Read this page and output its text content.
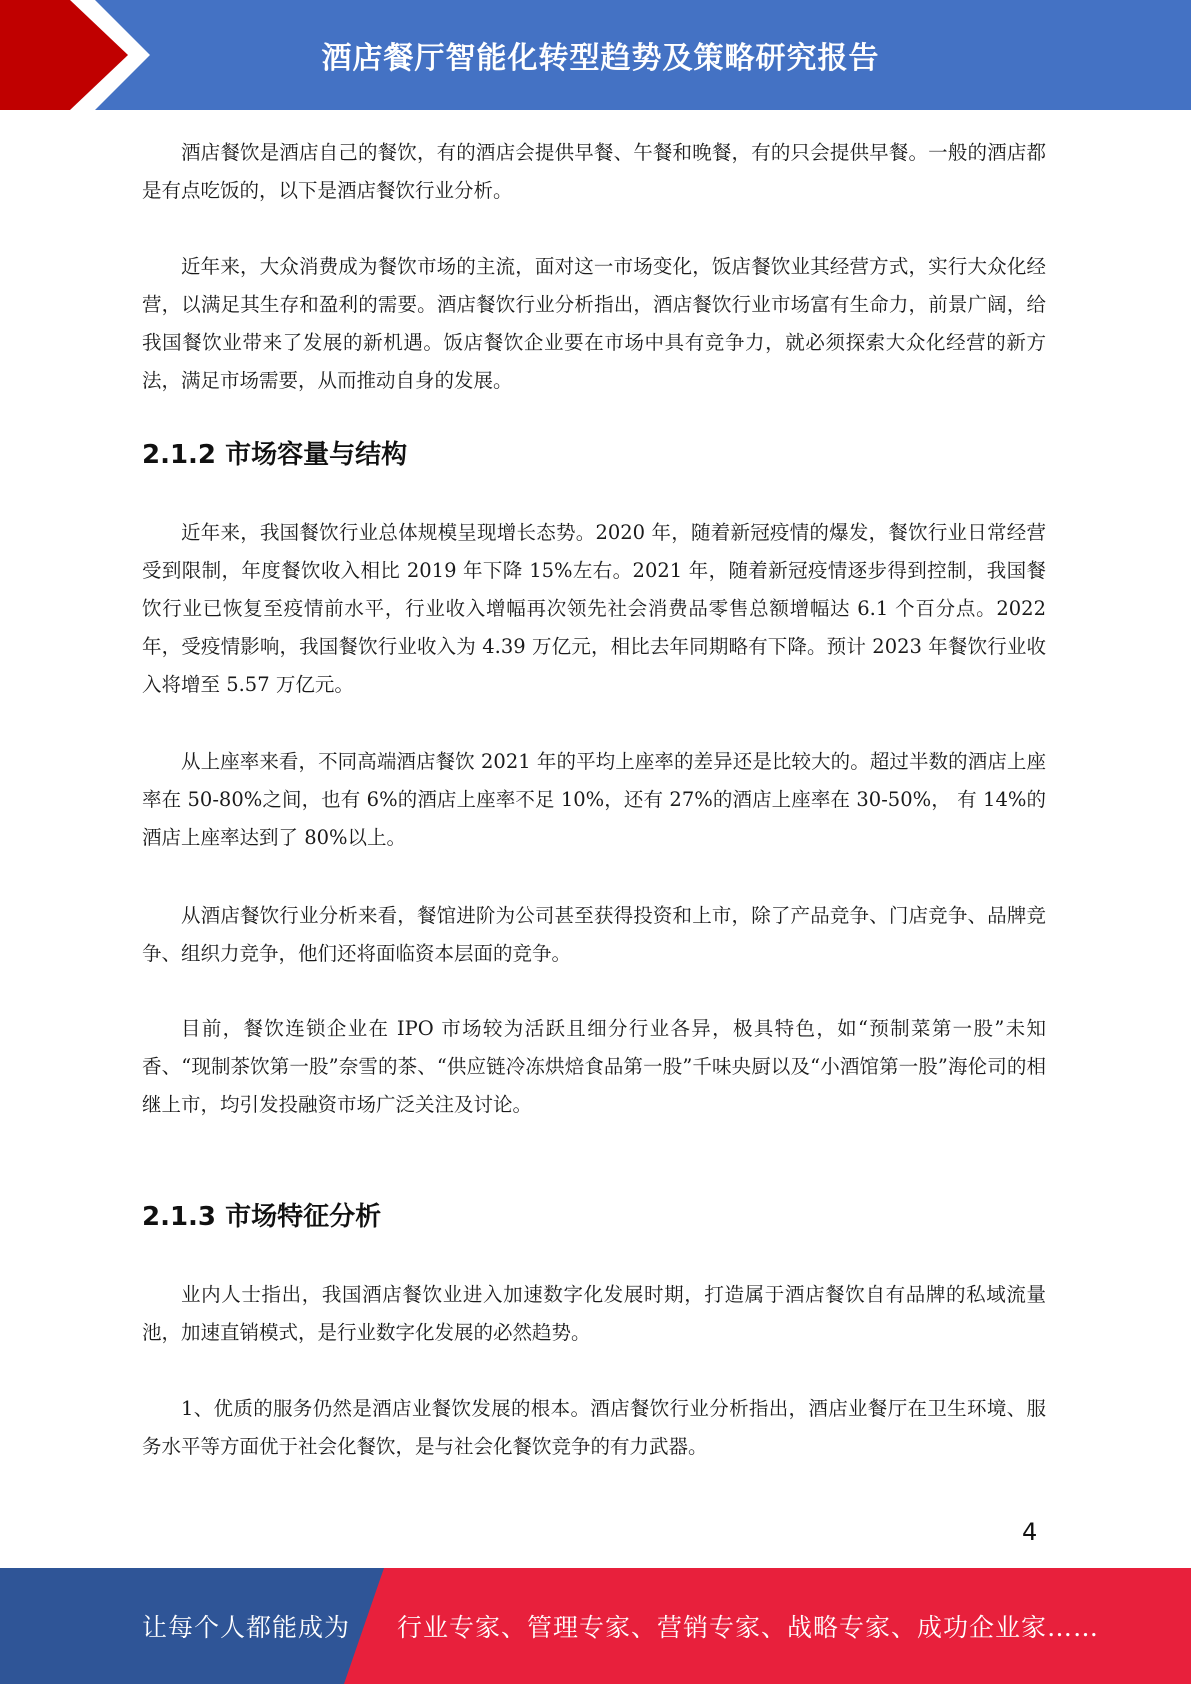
酒店餐厅智能化转型趋势及策略研究报告

酒店餐饮是酒店自己的餐饮，有的酒店会提供早餐、午餐和晚餐，有的只会提供早餐。一般的酒店都是有点吃饭的，以下是酒店餐饮行业分析。

近年来，大众消费成为餐饮市场的主流，面对这一市场变化，饭店餐饮业其经营方式，实行大众化经营，以满足其生存和盈利的需要。酒店餐饮行业分析指出，酒店餐饮行业市场富有生命力，前景广阔，给我国餐饮业带来了发展的新机遇。饭店餐饮企业要在市场中具有竞争力，就必须探索大众化经营的新方法，满足市场需要，从而推动自身的发展。

2.1.2 市场容量与结构

近年来，我国餐饮行业总体规模呈现增长态势。2020 年，随着新冠疫情的爆发，餐饮行业日常经营受到限制，年度餐饮收入相比 2019 年下降 15%左右。2021 年，随着新冠疫情逐步得到控制，我国餐饮行业已恢复至疫情前水平，行业收入增幅再次领先社会消费品零售总额增幅达 6.1 个百分点。2022 年，受疫情影响，我国餐饮行业收入为 4.39 万亿元，相比去年同期略有下降。预计 2023 年餐饮行业收入将增至 5.57 万亿元。

从上座率来看，不同高端酒店餐饮 2021 年的平均上座率的差异还是比较大的。超过半数的酒店上座率在 50-80%之间，也有 6%的酒店上座率不足 10%，还有 27%的酒店上座率在 30-50%， 有 14%的酒店上座率达到了 80%以上。

从酒店餐饮行业分析来看，餐馆进阶为公司甚至获得投资和上市，除了产品竞争、门店竞争、品牌竞争、组织力竞争，他们还将面临资本层面的竞争。

目前，餐饮连锁企业在 IPO 市场较为活跃且细分行业各异，极具特色，如“预制菜第一股”未知香、“现制茶饮第一股”奈雪的茶、“供应链冷冻烘焙食品第一股”千味央厨以及“小酒馆第一股”海伦司的相继上市，均引发投融资市场广泛关注及讨论。

2.1.3 市场特征分析

业内人士指出，我国酒店餐饮业进入加速数字化发展时期，打造属于酒店餐饮自有品牌的私域流量池，加速直销模式，是行业数字化发展的必然趋势。

1、优质的服务仍然是酒店业餐饮发展的根本。酒店餐饮行业分析指出，酒店业餐厅在卫生环境、服务水平等方面优于社会化餐饮，是与社会化餐饮竞争的有力武器。

4
让每个人都能成为 行业专家、管理专家、营销专家、战略专家、成功企业家……
